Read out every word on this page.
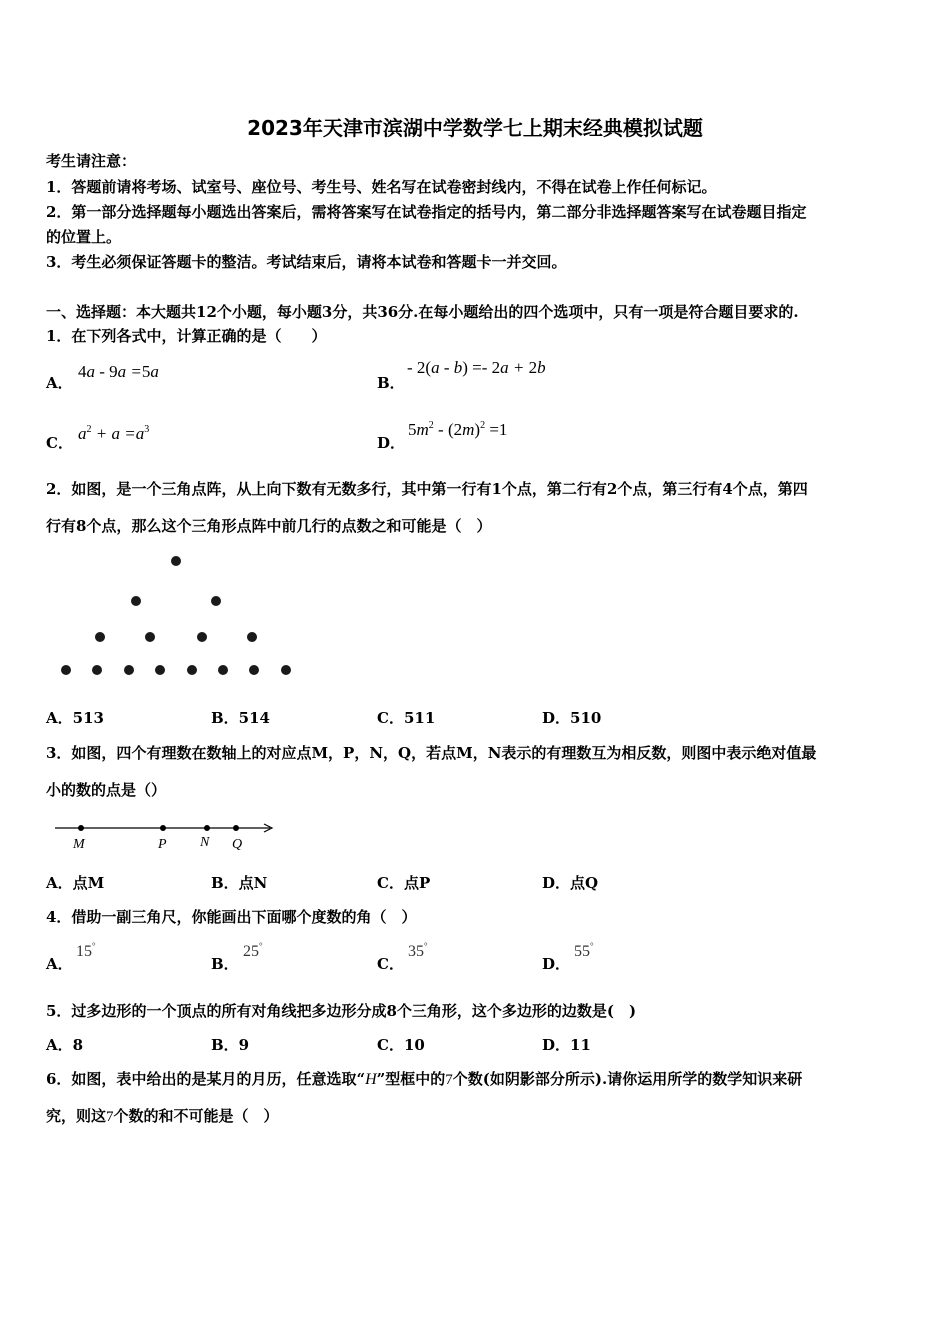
2023年天津市滨湖中学数学七上期末经典模拟试题
考生请注意：
1．答题前请将考场、试室号、座位号、考生号、姓名写在试卷密封线内，不得在试卷上作任何标记。
2．第一部分选择题每小题选出答案后，需将答案写在试卷指定的括号内，第二部分非选择题答案写在试卷题目指定
的位置上。
3．考生必须保证答题卡的整洁。考试结束后，请将本试卷和答题卡一并交回。
一、选择题：本大题共12个小题，每小题3分，共36分.在每小题给出的四个选项中，只有一项是符合题目要求的.
1．在下列各式中，计算正确的是（　　）
A．
4a - 9a =5a
B．
- 2(a - b) =- 2a + 2b
C． $a^2 + a =a^3$
D．
$5m^2 - (2m)^2 =1$
2．如图，是一个三角点阵，从上向下数有无数多行，其中第一行有1个点，第二行有2个点，第三行有4个点，第四
行有8个点，那么这个三角形点阵中前几行的点数之和可能是（　）
A．513	B．514	C．511	D．510
3．如图，四个有理数在数轴上的对应点M，P，N，Q，若点M，N表示的有理数互为相反数，则图中表示绝对值最
小的数的点是（）
M	P N Q
A．点M	B．点N	C．点P	D．点Q
4．借助一副三角尺，你能画出下面哪个度数的角（　）
A．
15°
B．
25°
C．
35°
D．
55°
5．过多边形的一个顶点的所有对角线把多边形分成8个三角形，这个多边形的边数是(　)
A．8	B．9	C．10	D．11
6．如图，表中给出的是某月的月历，任意选取“H”型框中的7个数(如阴影部分所示).请你运用所学的数学知识来研
究，则这7个数的和不可能是（　）
